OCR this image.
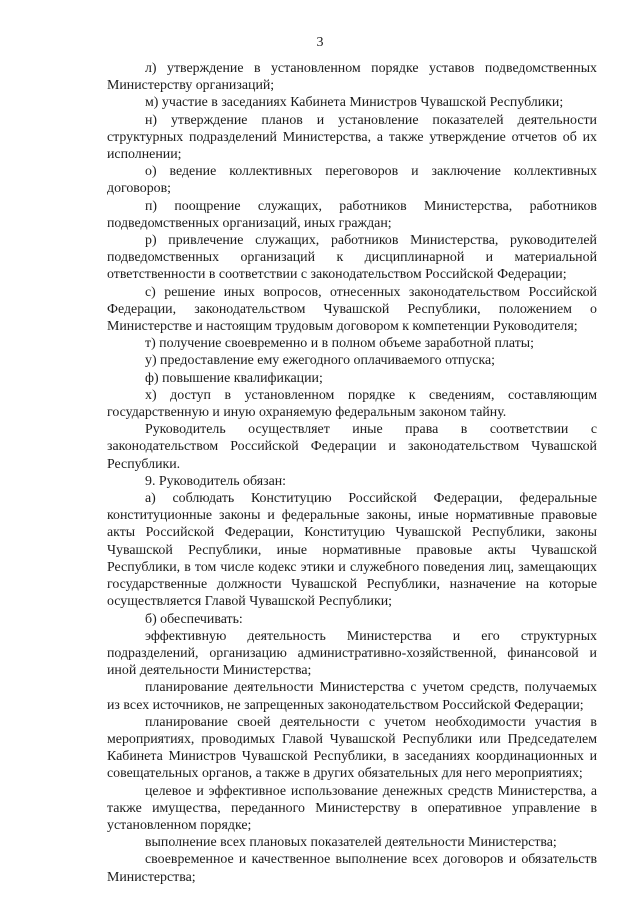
3

л) утверждение в установленном порядке уставов подведомственных Министерству организаций;

м) участие в заседаниях Кабинета Министров Чувашской Республики;

н) утверждение планов и установление показателей деятельности структурных подразделений Министерства, а также утверждение отчетов об их исполнении;

о) ведение коллективных переговоров и заключение коллективных договоров;

п) поощрение служащих, работников Министерства, работников подведомственных организаций, иных граждан;

р) привлечение служащих, работников Министерства, руководителей подведомственных организаций к дисциплинарной и материальной ответственности в соответствии с законодательством Российской Федерации;

с) решение иных вопросов, отнесенных законодательством Российской Федерации, законодательством Чувашской Республики, положением о Министерстве и настоящим трудовым договором к компетенции Руководителя;

т) получение своевременно и в полном объеме заработной платы;

у) предоставление ему ежегодного оплачиваемого отпуска;

ф) повышение квалификации;

х) доступ в установленном порядке к сведениям, составляющим государственную и иную охраняемую федеральным законом тайну.

Руководитель осуществляет иные права в соответствии с законодательством Российской Федерации и законодательством Чувашской Республики.

9. Руководитель обязан:

а) соблюдать Конституцию Российской Федерации, федеральные конституционные законы и федеральные законы, иные нормативные правовые акты Российской Федерации, Конституцию Чувашской Республики, законы Чувашской Республики, иные нормативные правовые акты Чувашской Республики, в том числе кодекс этики и служебного поведения лиц, замещающих государственные должности Чувашской Республики, назначение на которые осуществляется Главой Чувашской Республики;

б) обеспечивать:

эффективную деятельность Министерства и его структурных подразделений, организацию административно-хозяйственной, финансовой и иной деятельности Министерства;

планирование деятельности Министерства с учетом средств, получаемых из всех источников, не запрещенных законодательством Российской Федерации;

планирование своей деятельности с учетом необходимости участия в мероприятиях, проводимых Главой Чувашской Республики или Председателем Кабинета Министров Чувашской Республики, в заседаниях координационных и совещательных органов, а также в других обязательных для него мероприятиях;

целевое и эффективное использование денежных средств Министерства, а также имущества, переданного Министерству в оперативное управление в установленном порядке;

выполнение всех плановых показателей деятельности Министерства;

своевременное и качественное выполнение всех договоров и обязательств Министерства;
